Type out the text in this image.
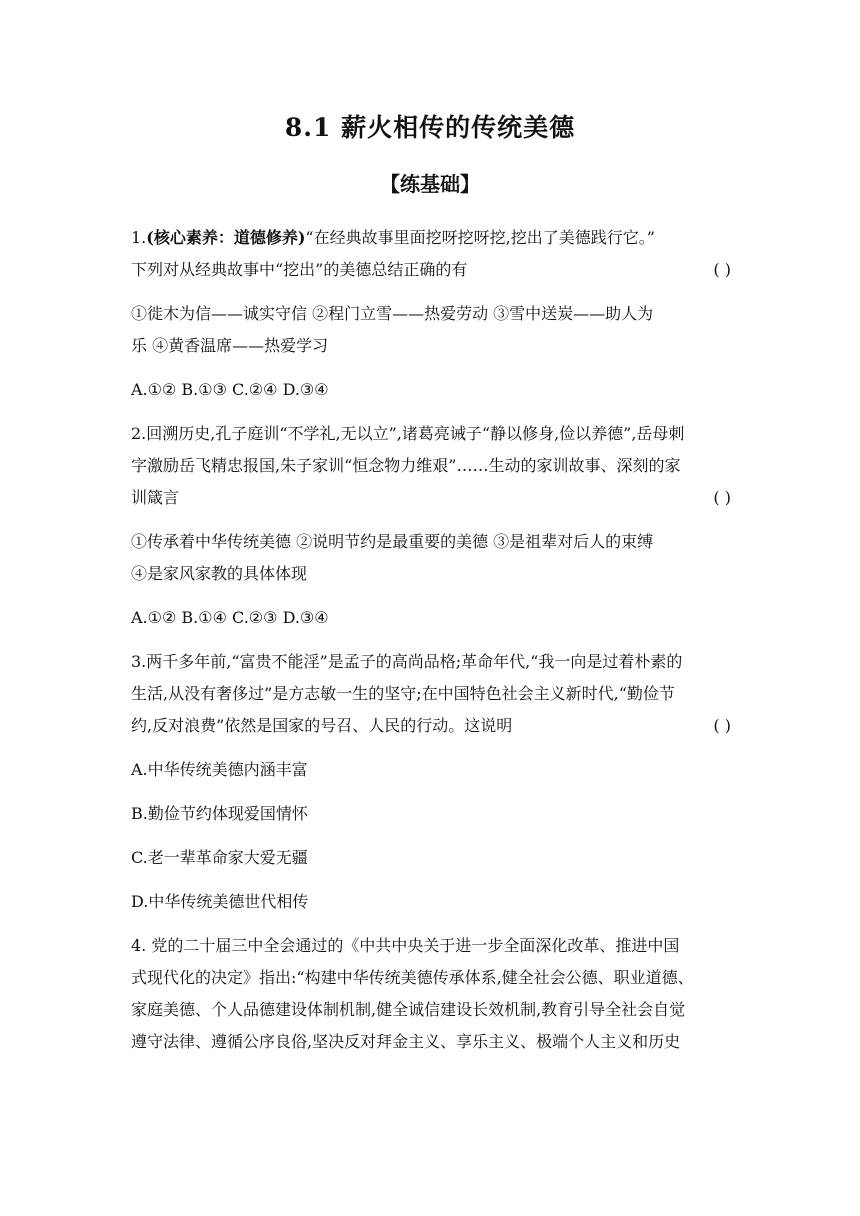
8.1 薪火相传的传统美德
【练基础】
1.(核心素养：道德修养)“在经典故事里面挖呀挖呀挖,挖出了美德践行它。”
下列对从经典故事中“挖出”的美德总结正确的有	( )
①徙木为信——诚实守信 ②程门立雪——热爱劳动 ③雪中送炭——助人为
乐 ④黄香温席——热爱学习
A.①② B.①③ C.②④ D.③④
2.回溯历史,孔子庭训“不学礼,无以立”,诸葛亮诫子“静以修身,俭以养德”,岳母刺
字激励岳飞精忠报国,朱子家训“恒念物力维艰”……生动的家训故事、深刻的家
训箴言	( )
①传承着中华传统美德 ②说明节约是最重要的美德 ③是祖辈对后人的束缚
④是家风家教的具体体现
A.①② B.①④ C.②③ D.③④
3.两千多年前,“富贵不能淫”是孟子的高尚品格;革命年代,“我一向是过着朴素的
生活,从没有奢侈过”是方志敏一生的坚守;在中国特色社会主义新时代,“勤俭节
约,反对浪费”依然是国家的号召、人民的行动。这说明	( )
A.中华传统美德内涵丰富
B.勤俭节约体现爱国情怀
C.老一辈革命家大爱无疆
D.中华传统美德世代相传
4. 党的二十届三中全会通过的《中共中央关于进一步全面深化改革、推进中国
式现代化的决定》指出:“构建中华传统美德传承体系,健全社会公德、职业道德、
家庭美德、个人品德建设体制机制,健全诚信建设长效机制,教育引导全社会自觉
遵守法律、遵循公序良俗,坚决反对拜金主义、享乐主义、极端个人主义和历史
